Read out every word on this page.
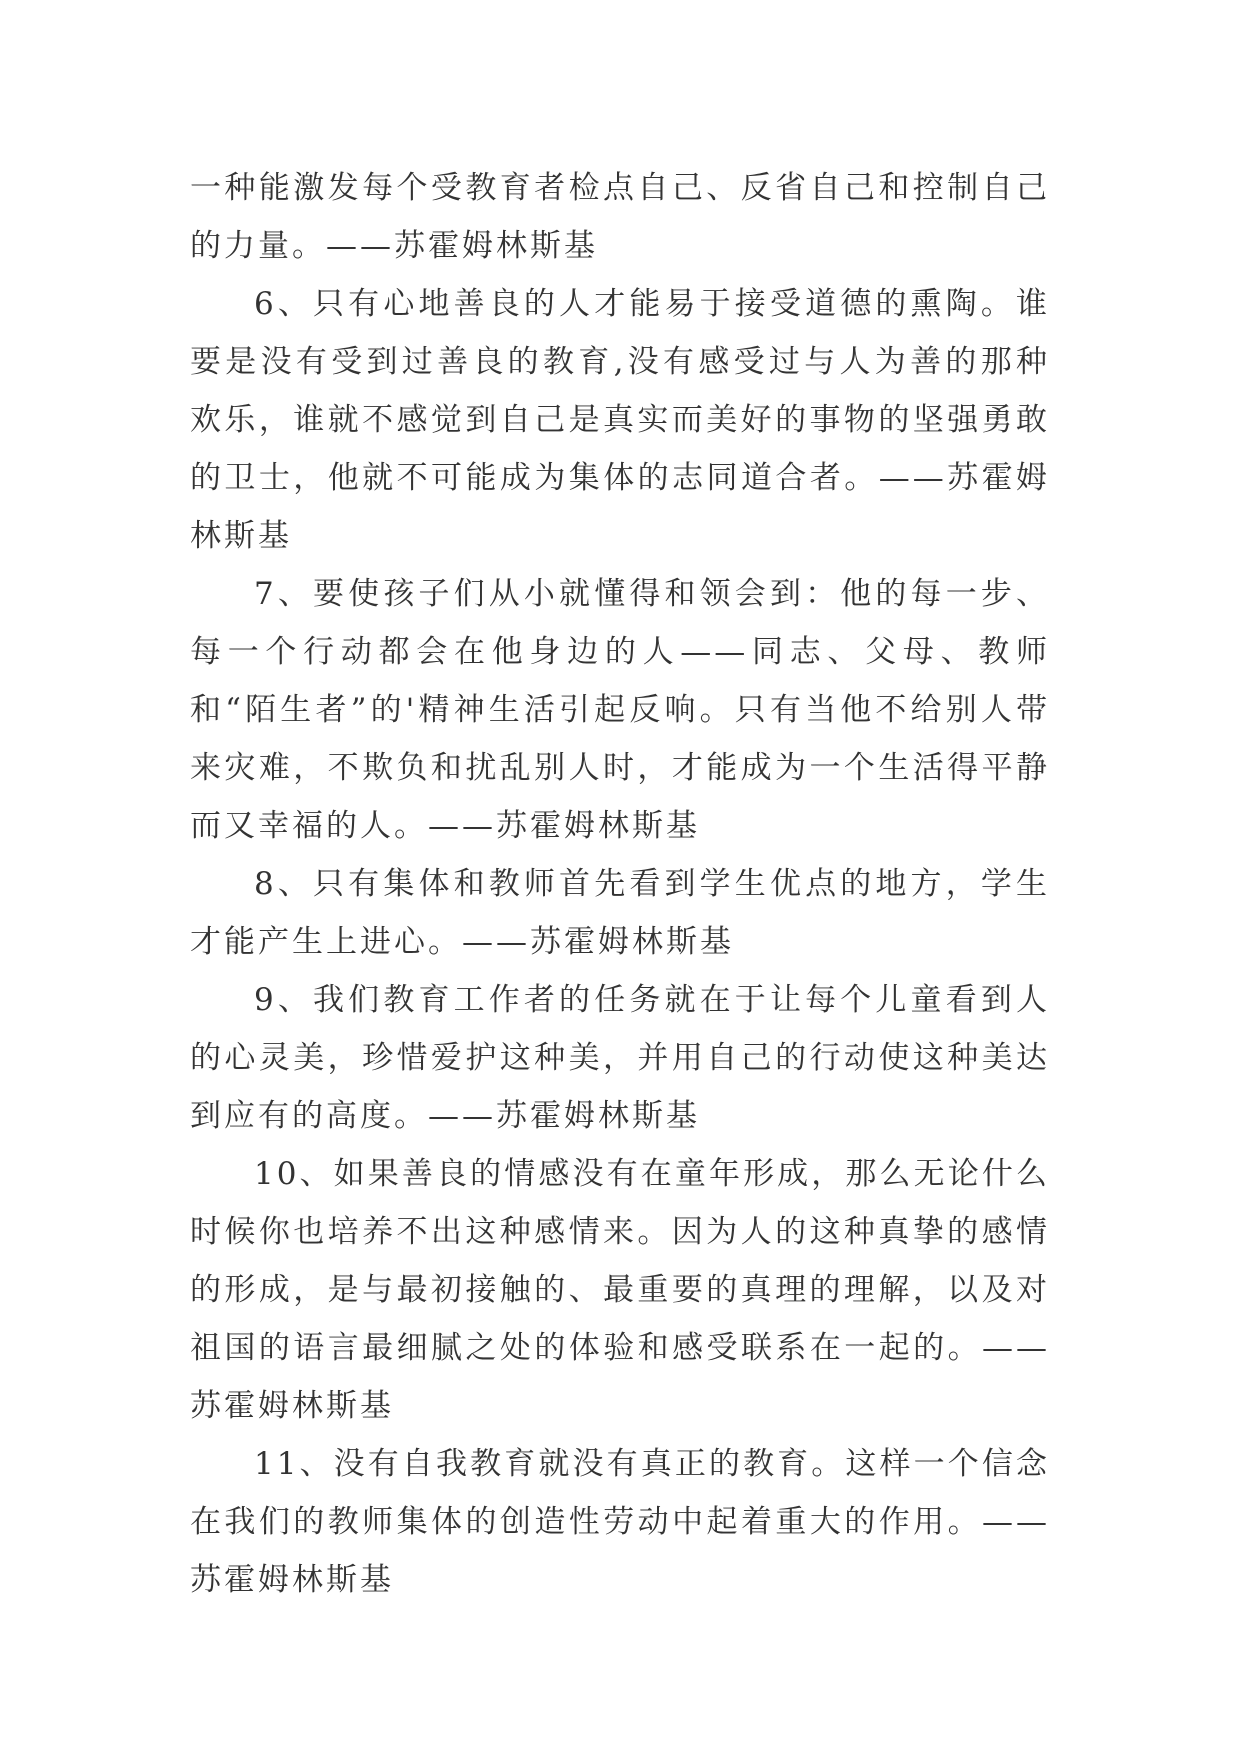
一种能激发每个受教育者检点自己、反省自己和控制自己的力量。——苏霍姆林斯基

6、只有心地善良的人才能易于接受道德的熏陶。谁要是没有受到过善良的教育,没有感受过与人为善的那种欢乐，谁就不感觉到自己是真实而美好的事物的坚强勇敢的卫士，他就不可能成为集体的志同道合者。——苏霍姆林斯基

7、要使孩子们从小就懂得和领会到：他的每一步、每一个行动都会在他身边的人——同志、父母、教师和“陌生者”的'精神生活引起反响。只有当他不给别人带来灾难，不欺负和扰乱别人时，才能成为一个生活得平静而又幸福的人。——苏霍姆林斯基

8、只有集体和教师首先看到学生优点的地方，学生才能产生上进心。——苏霍姆林斯基

9、我们教育工作者的任务就在于让每个儿童看到人的心灵美，珍惜爱护这种美，并用自己的行动使这种美达到应有的高度。——苏霍姆林斯基

10、如果善良的情感没有在童年形成，那么无论什么时候你也培养不出这种感情来。因为人的这种真挚的感情的形成，是与最初接触的、最重要的真理的理解，以及对祖国的语言最细腻之处的体验和感受联系在一起的。——苏霍姆林斯基

11、没有自我教育就没有真正的教育。这样一个信念在我们的教师集体的创造性劳动中起着重大的作用。——苏霍姆林斯基
